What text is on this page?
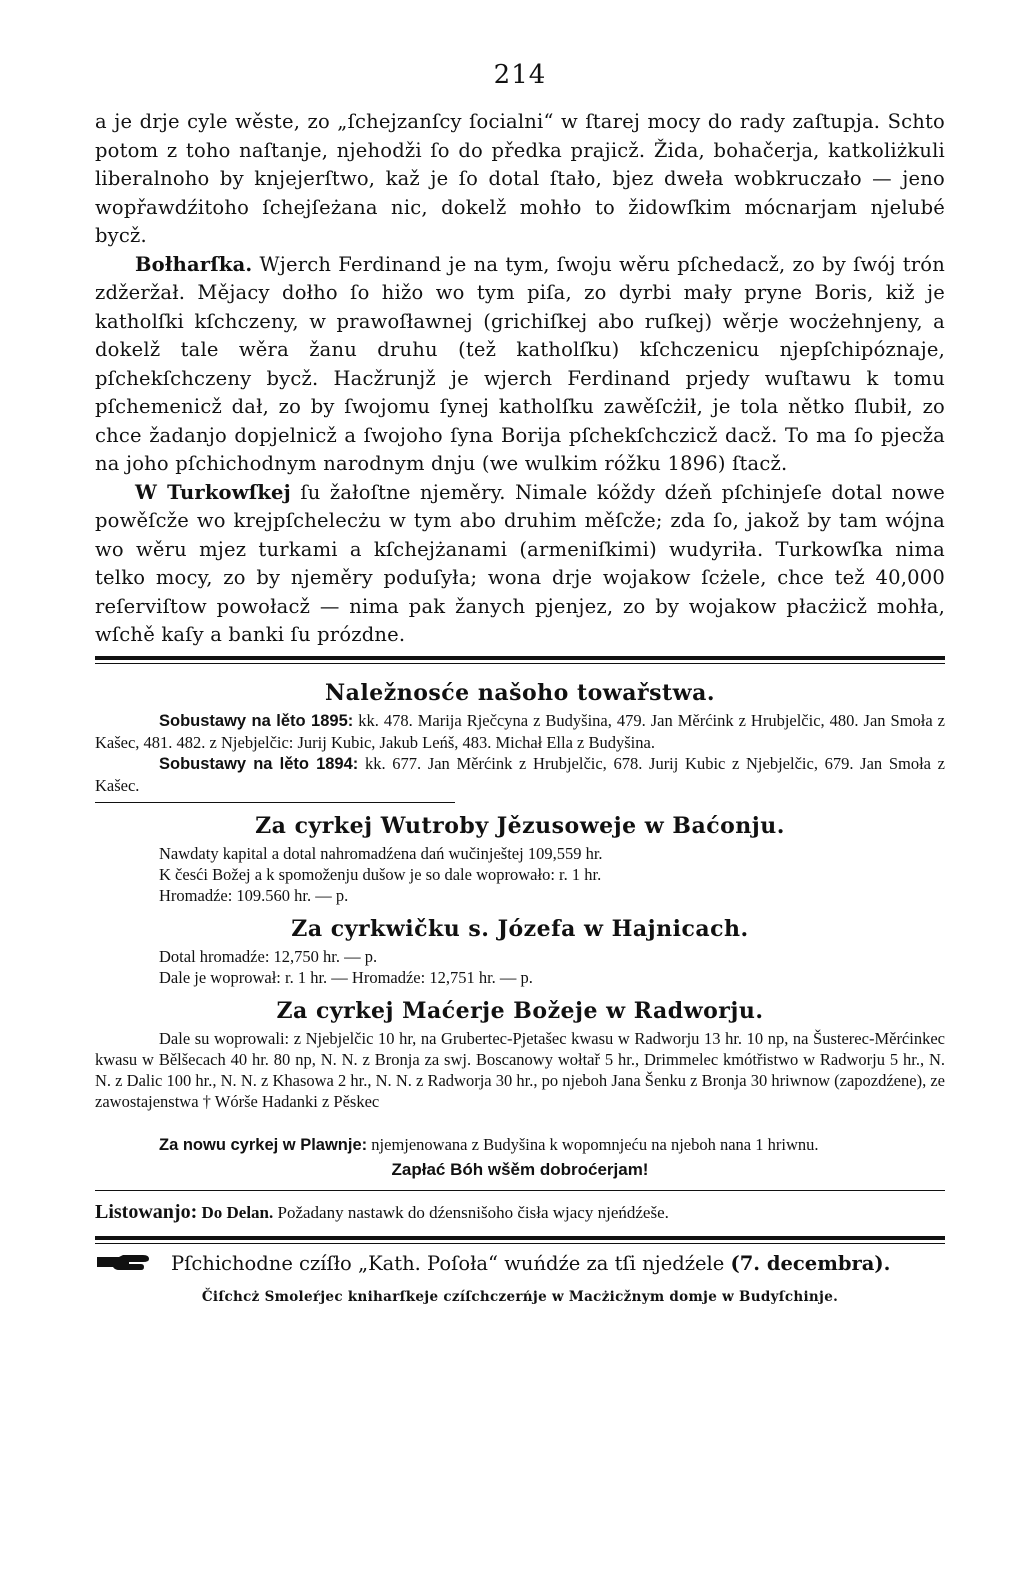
214

a je drje cyle wěste, zo „ſchejzanſcy ſocialni“ w ſtarej mocy do rady zaſtupja. Schto potom z toho naſtanje, njehodži ſo do předka prajicž. Žida, bohačerja, katkoliżkuli liberalnoho by knjejerſtwo, kaž je ſo dotal ſtało, bjez dweła wobkruczało — jeno wopřawdźitoho ſchejſeżana nic, dokelž mohło to židowſkim mócnarjam njelubé bycž.

Bołharſka. Wjerch Ferdinand je na tym, ſwoju wěru pſchedacž, zo by ſwój trón zdžeržał. Mějacy dołho ſo hižo wo tym piſa, zo dyrbi mały pryne Boris, kiž je katholſki kſchczeny, w prawoſławnej (grichiſkej abo ruſkej) wěrje wocżehnjeny, a dokelž tale wěra žanu druhu (tež katholſku) kſchczenicu njepſchipóznaje, pſchekſchczeny bycž. Hacžrunjž je wjerch Ferdinand prjedy wuſtawu k tomu pſchemenicž dał, zo by ſwojomu ſynej katholſku zawěſcżił, je tola nětko ſlubił, zo chce žadanjo dopjelnicž a ſwojoho ſyna Borija pſchekſchczicž dacž. To ma ſo pjecža na joho pſchichodnym narodnym dnju (we wulkim róžku 1896) ſtacž.

W Turkowſkej ſu žałoſtne njeměry. Nimale kóždy dźeň pſchinjeſe dotal nowe powěſcže wo krejpſchelecżu w tym abo druhim měſcže; zda ſo, jakož by tam wójna wo wěru mjez turkami a kſchejżanami (armeniſkimi) wudyriła. Turkowſka nima telko mocy, zo by njeměry poduſyła; wona drje wojakow ſcżele, chce tež 40,000 reſerviſtow powołacž — nima pak žanych pjenjez, zo by wojakow płacżicž mohła, wſchě kaſy a banki ſu prózdne.

Naležnosće našoho towařstwa.

Sobustawy na lěto 1895: kk. 478. Marija Rječcyna z Budyšina, 479. Jan Měrćink z Hrubjelčic, 480. Jan Smoła z Kašec, 481. 482. z Njebjelčic: Jurij Kubic, Jakub Leńš, 483. Michał Ella z Budyšina.

Sobustawy na lěto 1894: kk. 677. Jan Měrćink z Hrubjelčic, 678. Jurij Kubic z Njebjelčic, 679. Jan Smoła z Kašec.

Za cyrkej Wutroby Jězusoweje w Baćonju.

Nawdaty kapital a dotal nahromadźena dań wučinještej 109,559 hr.

K česći Božej a k spomoženju dušow je so dale woprowało: r. 1 hr.

Hromadźe: 109.560 hr. — p.

Za cyrkwičku s. Józefa w Hajnicach.

Dotal hromadźe: 12,750 hr. — p.

Dale je woprował: r. 1 hr. — Hromadźe: 12,751 hr. — p.

Za cyrkej Maćerje Božeje w Radworju.

Dale su woprowali: z Njebjelčic 10 hr, na Grubertec-Pjetašec kwasu w Radworju 13 hr. 10 np, na Šusterec-Měrćinkec kwasu w Bělšecach 40 hr. 80 np, N. N. z Bronja za swj. Boscanowy wołtař 5 hr., Drimmelec kmótřistwo w Radworju 5 hr., N. N. z Dalic 100 hr., N. N. z Khasowa 2 hr., N. N. z Radworja 30 hr., po njeboh Jana Šenku z Bronja 30 hriwnow (zapozdźene), ze zawostajenstwa † Wórše Hadanki z Pěskec

Za nowu cyrkej w Plawnje: njemjenowana z Budyšina k wopomnjeću na njeboh nana 1 hriwnu.

Zapłać Bóh wšěm dobroćerjam!

Listowanjo: Do Delan. Požadany nastawk do dźensnišoho čisła wjacy njeńdźeše.

Pſchichodne czíſło „Kath. Poſoła“ wuńdźe za tſi njedźele
(7. decembra).
Čiſchcż Smoleŕjec kniharſkeje czíſchczerńje w Macżicžnym domje w Budyſchinje.
